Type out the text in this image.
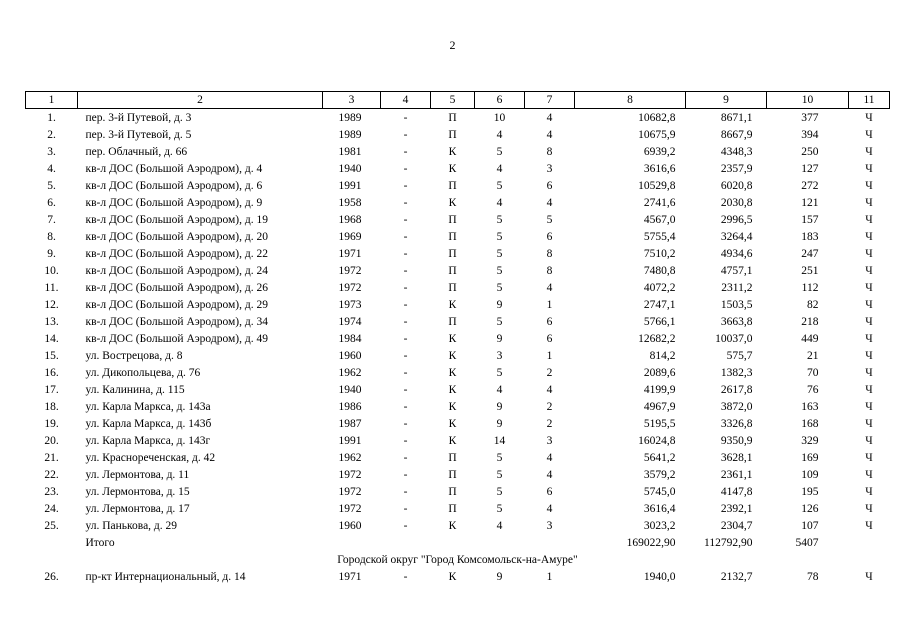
2
1	2	3	4	5	6	7	8	9	10	11
1.	пер. 3-й Путевой, д. 3	1989	-	П	10	4	10682,8	8671,1	377	Ч
2.	пер. 3-й Путевой, д. 5	1989	-	П	4	4	10675,9	8667,9	394	Ч
3.	пер. Облачный, д. 66	1981	-	К	5	8	6939,2	4348,3	250	Ч
4.	кв-л ДОС (Большой Аэродром), д. 4	1940	-	К	4	3	3616,6	2357,9	127	Ч
5.	кв-л ДОС (Большой Аэродром), д. 6	1991	-	П	5	6	10529,8	6020,8	272	Ч
6.	кв-л ДОС (Большой Аэродром), д. 9	1958	-	К	4	4	2741,6	2030,8	121	Ч
7.	кв-л ДОС (Большой Аэродром), д. 19	1968	-	П	5	5	4567,0	2996,5	157	Ч
8.	кв-л ДОС (Большой Аэродром), д. 20	1969	-	П	5	6	5755,4	3264,4	183	Ч
9.	кв-л ДОС (Большой Аэродром), д. 22	1971	-	П	5	8	7510,2	4934,6	247	Ч
10.	кв-л ДОС (Большой Аэродром), д. 24	1972	-	П	5	8	7480,8	4757,1	251	Ч
11.	кв-л ДОС (Большой Аэродром), д. 26	1972	-	П	5	4	4072,2	2311,2	112	Ч
12.	кв-л ДОС (Большой Аэродром), д. 29	1973	-	К	9	1	2747,1	1503,5	82	Ч
13.	кв-л ДОС (Большой Аэродром), д. 34	1974	-	П	5	6	5766,1	3663,8	218	Ч
14.	кв-л ДОС (Большой Аэродром), д. 49	1984	-	К	9	6	12682,2	10037,0	449	Ч
15.	ул. Вострецова, д. 8	1960	-	К	3	1	814,2	575,7	21	Ч
16.	ул. Дикопольцева, д. 76	1962	-	К	5	2	2089,6	1382,3	70	Ч
17.	ул. Калинина, д. 115	1940	-	К	4	4	4199,9	2617,8	76	Ч
18.	ул. Карла Маркса, д. 143а	1986	-	К	9	2	4967,9	3872,0	163	Ч
19.	ул. Карла Маркса, д. 143б	1987	-	К	9	2	5195,5	3326,8	168	Ч
20.	ул. Карла Маркса, д. 143г	1991	-	К	14	3	16024,8	9350,9	329	Ч
21.	ул. Краснореченская, д. 42	1962	-	П	5	4	5641,2	3628,1	169	Ч
22.	ул. Лермонтова, д. 11	1972	-	П	5	4	3579,2	2361,1	109	Ч
23.	ул. Лермонтова, д. 15	1972	-	П	5	6	5745,0	4147,8	195	Ч
24.	ул. Лермонтова, д. 17	1972	-	П	5	4	3616,4	2392,1	126	Ч
25.	ул. Панькова, д. 29	1960	-	К	4	3	3023,2	2304,7	107	Ч
	Итого						169022,90	112792,90	5407	
Городской округ "Город Комсомольск-на-Амуре"										
26.	пр-кт Интернациональный, д. 14	1971	-	К	9	1	1940,0	2132,7	78	Ч
